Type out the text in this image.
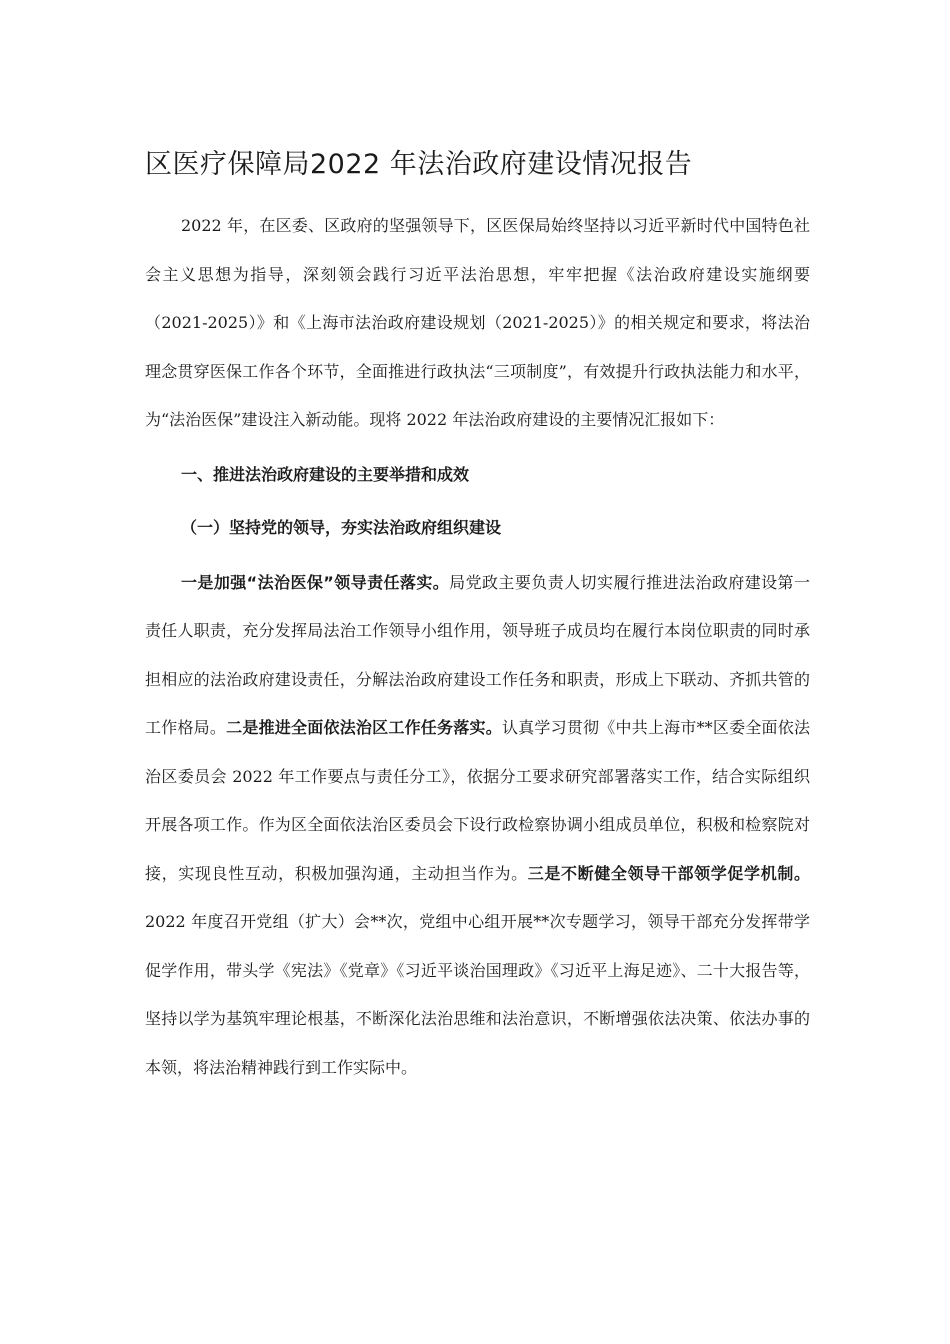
区医疗保障局2022 年法治政府建设情况报告

2022 年，在区委、区政府的坚强领导下，区医保局始终坚持以习近平新时代中国特色社会主义思想为指导，深刻领会践行习近平法治思想，牢牢把握《法治政府建设实施纲要（2021-2025）》和《上海市法治政府建设规划（2021-2025）》的相关规定和要求，将法治理念贯穿医保工作各个环节，全面推进行政执法“三项制度”，有效提升行政执法能力和水平，为“法治医保”建设注入新动能。现将 2022 年法治政府建设的主要情况汇报如下：

一、推进法治政府建设的主要举措和成效
（一）坚持党的领导，夯实法治政府组织建设

一是加强“法治医保”领导责任落实。局党政主要负责人切实履行推进法治政府建设第一责任人职责，充分发挥局法治工作领导小组作用，领导班子成员均在履行本岗位职责的同时承担相应的法治政府建设责任，分解法治政府建设工作任务和职责，形成上下联动、齐抓共管的工作格局。二是推进全面依法治区工作任务落实。认真学习贯彻《中共上海市**区委全面依法治区委员会 2022 年工作要点与责任分工》，依据分工要求研究部署落实工作，结合实际组织开展各项工作。作为区全面依法治区委员会下设行政检察协调小组成员单位，积极和检察院对接，实现良性互动，积极加强沟通，主动担当作为。三是不断健全领导干部领学促学机制。2022 年度召开党组（扩大）会**次，党组中心组开展**次专题学习，领导干部充分发挥带学促学作用，带头学《宪法》《党章》《习近平谈治国理政》《习近平上海足迹》、二十大报告等，坚持以学为基筑牢理论根基，不断深化法治思维和法治意识，不断增强依法决策、依法办事的本领，将法治精神践行到工作实际中。
